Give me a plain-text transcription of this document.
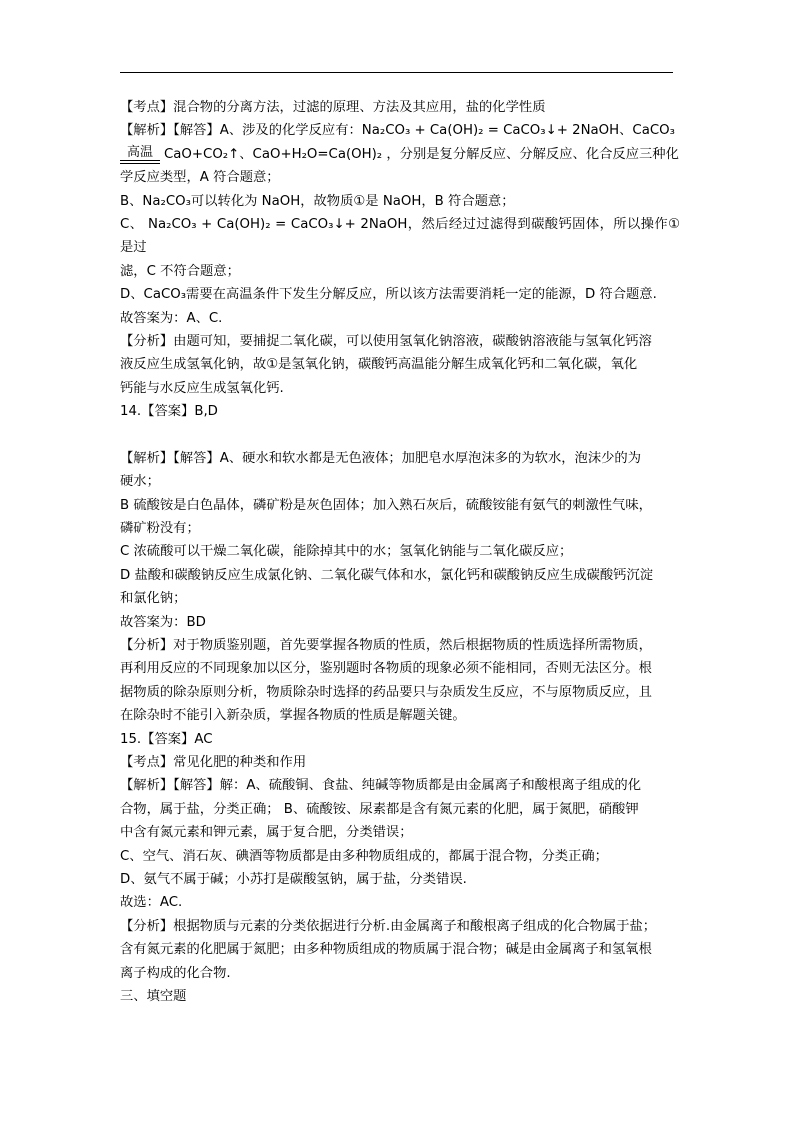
【考点】混合物的分离方法，过滤的原理、方法及其应用，盐的化学性质

【解析】【解答】A、涉及的化学反应有：Na₂CO₃ + Ca(OH)₂ = CaCO₃↓+ 2NaOH、CaCO₃

高温 CaO+CO₂↑、CaO+H₂O=Ca(OH)₂ ，分别是复分解反应、分解反应、化合反应三种化

学反应类型，A 符合题意；

B、Na₂CO₃可以转化为 NaOH，故物质①是 NaOH，B 符合题意；

C、 Na₂CO₃ + Ca(OH)₂ = CaCO₃↓+ 2NaOH，然后经过过滤得到碳酸钙固体，所以操作①是过

滤，C 不符合题意；

D、CaCO₃需要在高温条件下发生分解反应，所以该方法需要消耗一定的能源，D 符合题意.

故答案为：A、C.

【分析】由题可知，要捕捉二氧化碳，可以使用氢氧化钠溶液，碳酸钠溶液能与氢氧化钙溶

液反应生成氢氧化钠，故①是氢氧化钠，碳酸钙高温能分解生成氧化钙和二氧化碳，氧化

钙能与水反应生成氢氧化钙.

14.【答案】B,D

【解析】【解答】A、硬水和软水都是无色液体；加肥皂水厚泡沫多的为软水，泡沫少的为

硬水；

B 硫酸铵是白色晶体，磷矿粉是灰色固体；加入熟石灰后，硫酸铵能有氨气的刺激性气味，

磷矿粉没有；

C 浓硫酸可以干燥二氧化碳，能除掉其中的水；氢氧化钠能与二氧化碳反应；

D 盐酸和碳酸钠反应生成氯化钠、二氧化碳气体和水，氯化钙和碳酸钠反应生成碳酸钙沉淀

和氯化钠；

故答案为：BD

【分析】对于物质鉴别题，首先要掌握各物质的性质，然后根据物质的性质选择所需物质，

再利用反应的不同现象加以区分，鉴别题时各物质的现象必须不能相同，否则无法区分。根

据物质的除杂原则分析，物质除杂时选择的药品要只与杂质发生反应，不与原物质反应，且

在除杂时不能引入新杂质，掌握各物质的性质是解题关键。

15.【答案】AC

【考点】常见化肥的种类和作用

【解析】【解答】解：A、硫酸铜、食盐、纯碱等物质都是由金属离子和酸根离子组成的化

合物，属于盐，分类正确； B、硫酸铵、尿素都是含有氮元素的化肥，属于氮肥，硝酸钾

中含有氮元素和钾元素，属于复合肥，分类错误；

C、空气、消石灰、碘酒等物质都是由多种物质组成的，都属于混合物，分类正确；

D、氨气不属于碱；小苏打是碳酸氢钠，属于盐，分类错误.

故选：AC.

【分析】根据物质与元素的分类依据进行分析.由金属离子和酸根离子组成的化合物属于盐；

含有氮元素的化肥属于氮肥；由多种物质组成的物质属于混合物；碱是由金属离子和氢氧根

离子构成的化合物.

三、填空题
